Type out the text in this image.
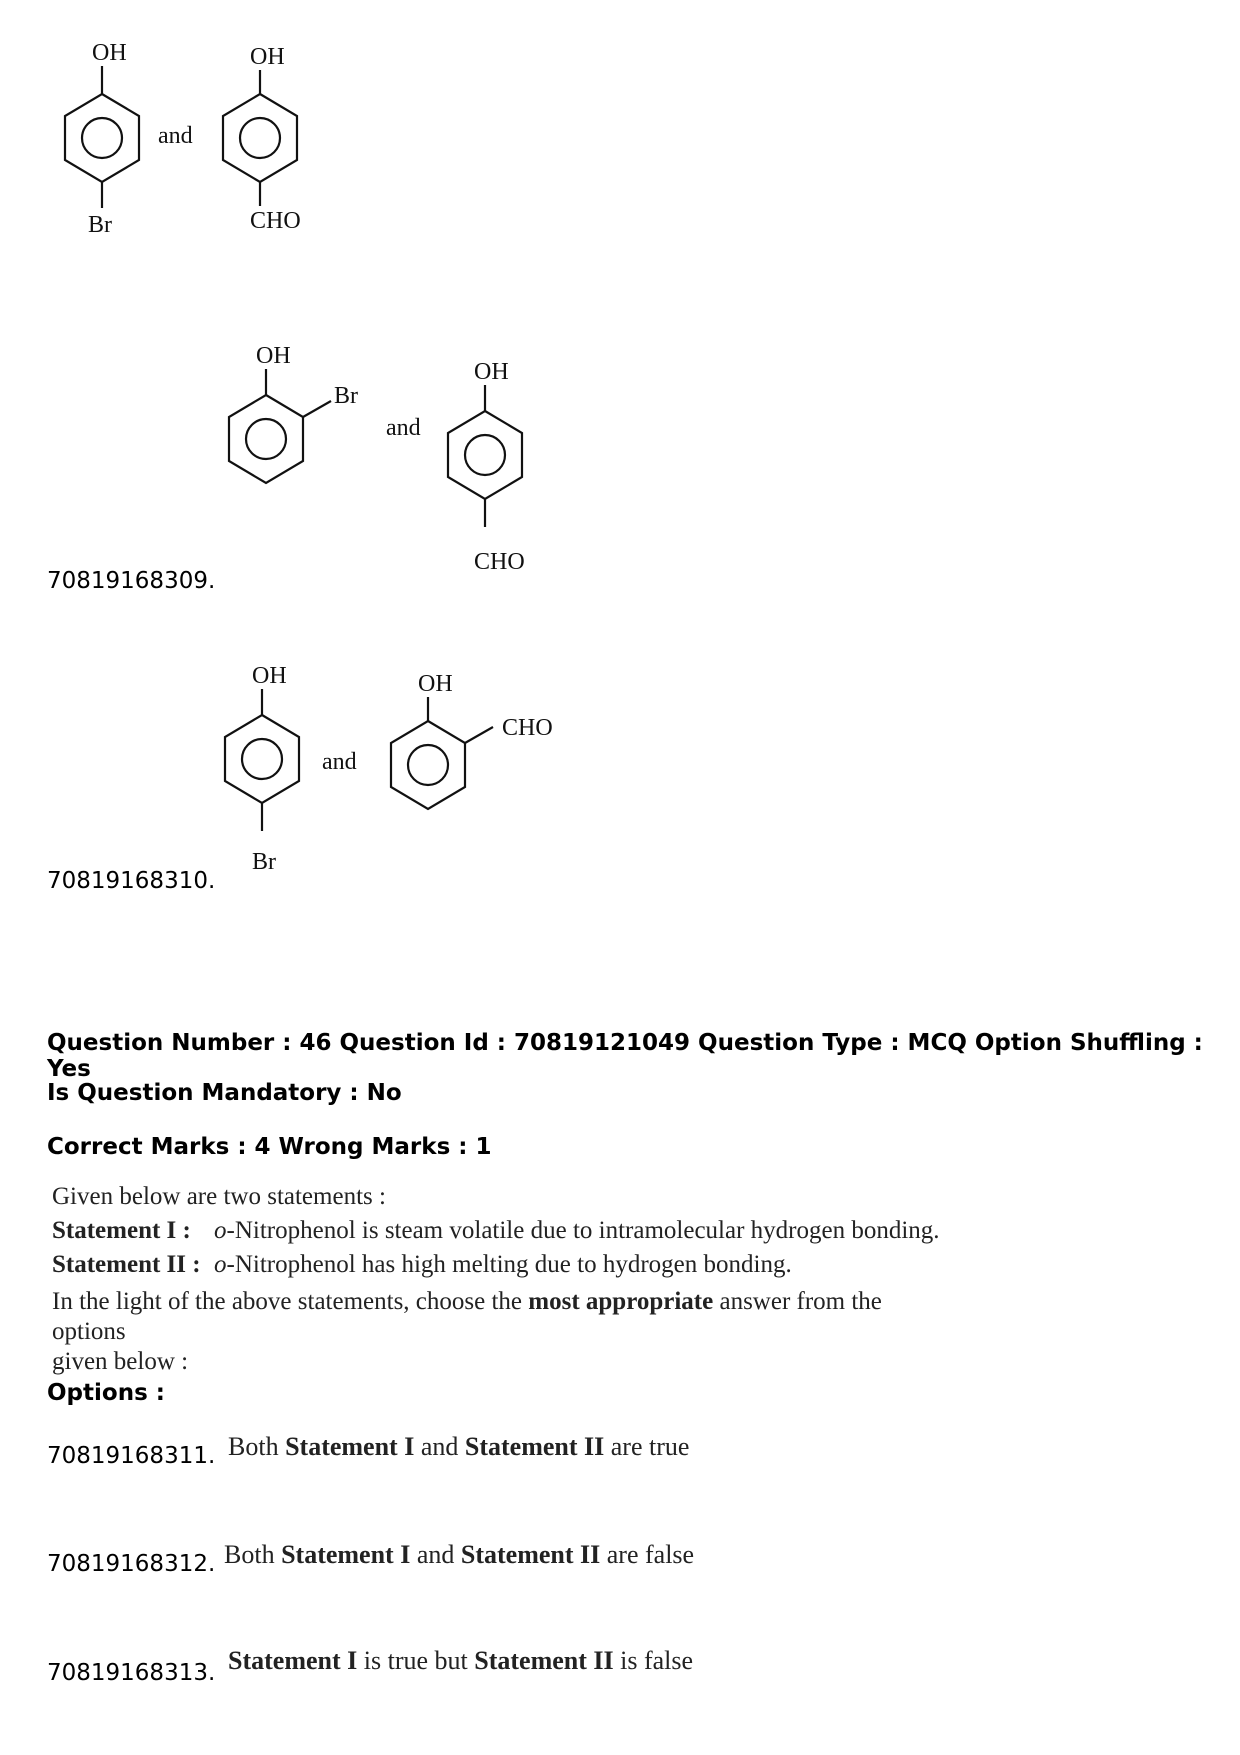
OH
Br
and
OH
CHO
70819168309.
OH
Br
and
OH
CHO
70819168310.
OH
Br
and
OH
CHO
Question Number : 46 Question Id : 70819121049 Question Type : MCQ Option Shuffling : Yes
Is Question Mandatory : No
Correct Marks : 4 Wrong Marks : 1
Given below are two statements :
Statement I : o-Nitrophenol is steam volatile due to intramolecular hydrogen bonding.
Statement II : o-Nitrophenol has high melting due to hydrogen bonding.
In the light of the above statements, choose the most appropriate answer from the options
given below :
Options :
70819168311. Both Statement I and Statement II are true
70819168312. Both Statement I and Statement II are false
70819168313. Statement I is true but Statement II is false
